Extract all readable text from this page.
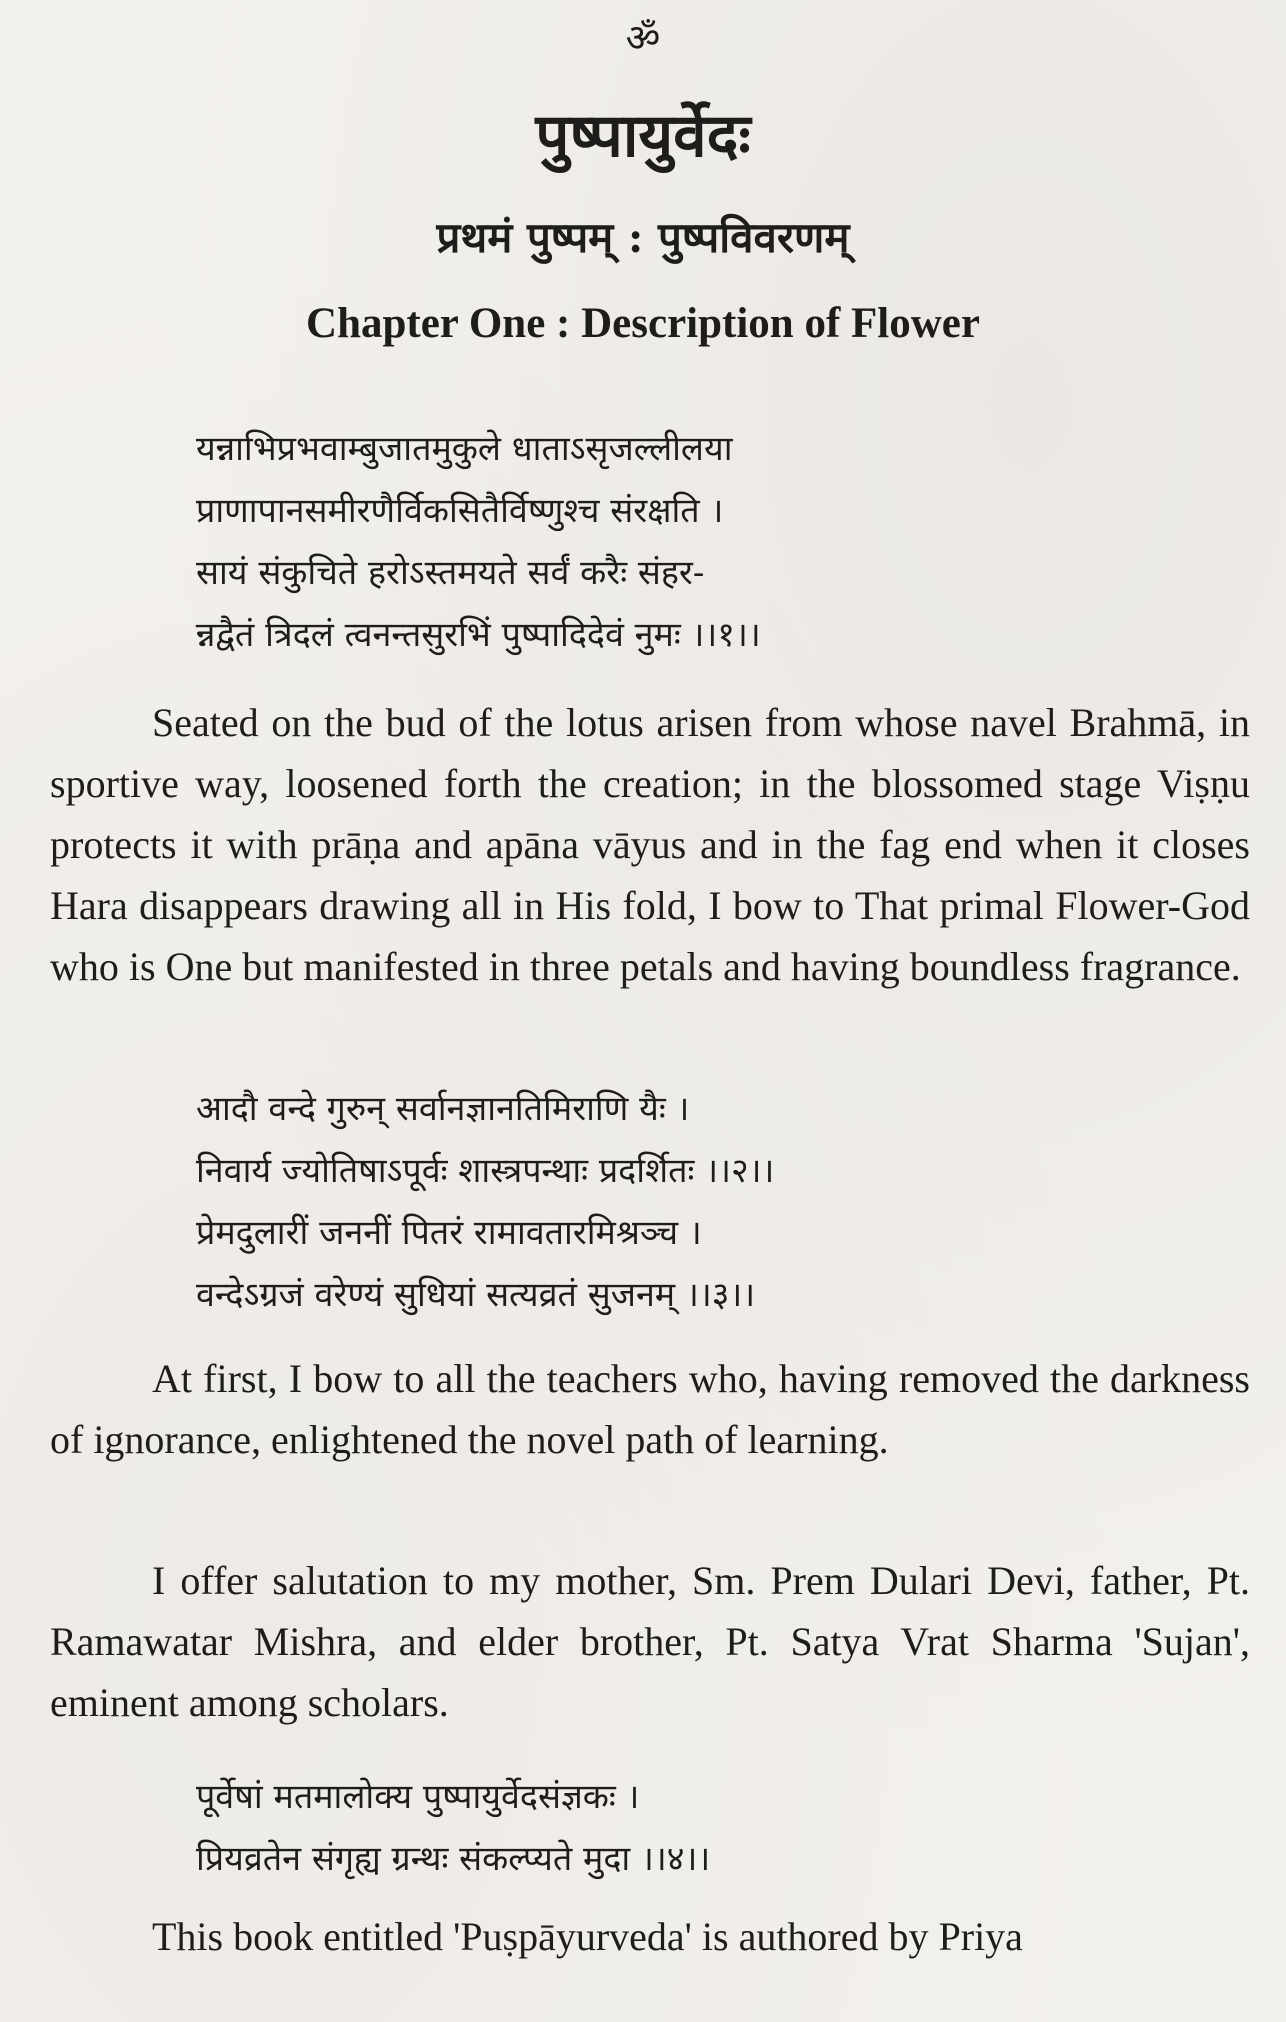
ॐ
पुष्पायुर्वेदः
प्रथमं पुष्पम् : पुष्पविवरणम्
Chapter One : Description of Flower
यन्नाभिप्रभवाम्बुजातमुकुले धाताऽसृजल्लीलया
प्राणापानसमीरणैर्विकसितैर्विष्णुश्च संरक्षति ।
सायं संकुचिते हरोऽस्तमयते सर्वं करैः संहर-
न्नद्वैतं त्रिदलं त्वनन्तसुरभिं पुष्पादिदेवं नुमः ।।१।।

Seated on the bud of the lotus arisen from whose navel Brahmā, in sportive way, loosened forth the creation; in the blossomed stage Viṣṇu protects it with prāṇa and apāna vāyus and in the fag end when it closes Hara disappears drawing all in His fold, I bow to That primal Flower-God who is One but manifested in three petals and having boundless fragrance.

आदौ वन्दे गुरुन् सर्वानज्ञानतिमिराणि यैः ।
निवार्य ज्योतिषाऽपूर्वः शास्त्रपन्थाः प्रदर्शितः ।।२।।
प्रेमदुलारीं जननीं पितरं रामावतारमिश्रञ्च ।
वन्देऽग्रजं वरेण्यं सुधियां सत्यव्रतं सुजनम् ।।३।।

At first, I bow to all the teachers who, having removed the darkness of ignorance, enlightened the novel path of learning.

I offer salutation to my mother, Sm. Prem Dulari Devi, father, Pt. Ramawatar Mishra, and elder brother, Pt. Satya Vrat Sharma 'Sujan', eminent among scholars.

पूर्वेषां मतमालोक्य पुष्पायुर्वेदसंज्ञकः ।
प्रियव्रतेन संगृह्य ग्रन्थः संकल्प्यते मुदा ।।४।।

This book entitled 'Puṣpāyurveda' is authored by Priya
